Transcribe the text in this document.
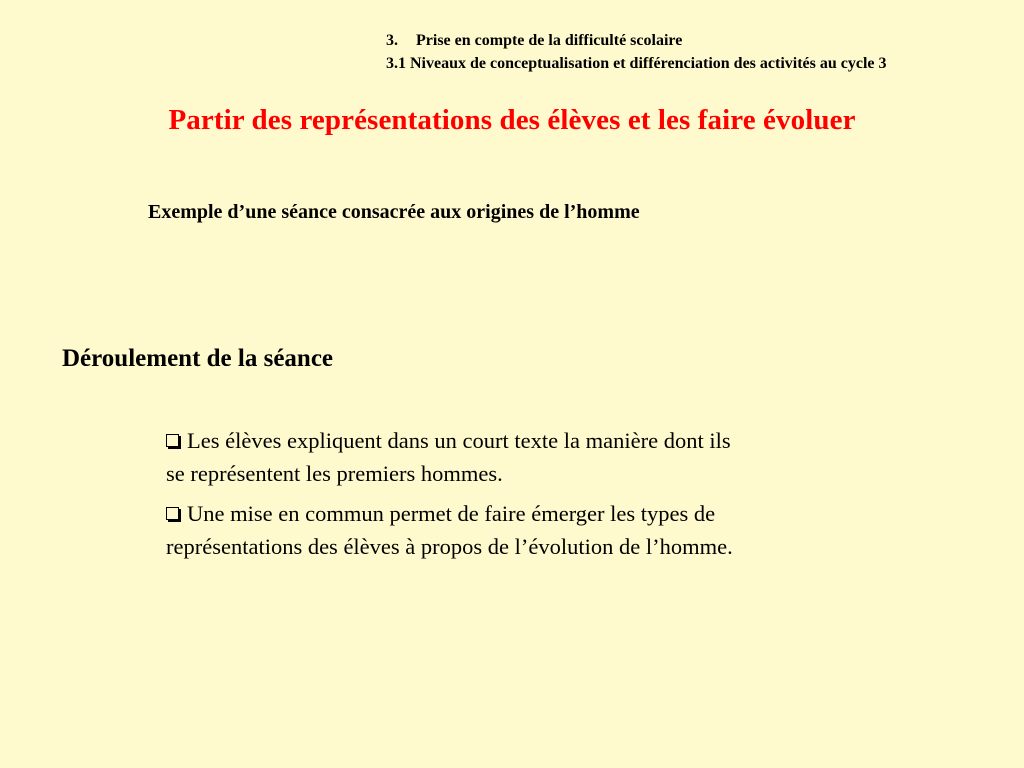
3. Prise en compte de la difficulté scolaire
3.1 Niveaux de conceptualisation et différenciation des activités au cycle 3
Partir des représentations des élèves et les faire évoluer
Exemple d’une séance consacrée aux origines de l’homme
Déroulement de la séance
Les élèves expliquent dans un court texte la manière dont ils
se représentent les premiers hommes.
Une mise en commun permet de faire émerger les types de
représentations des élèves à propos de l’évolution de l’homme.
